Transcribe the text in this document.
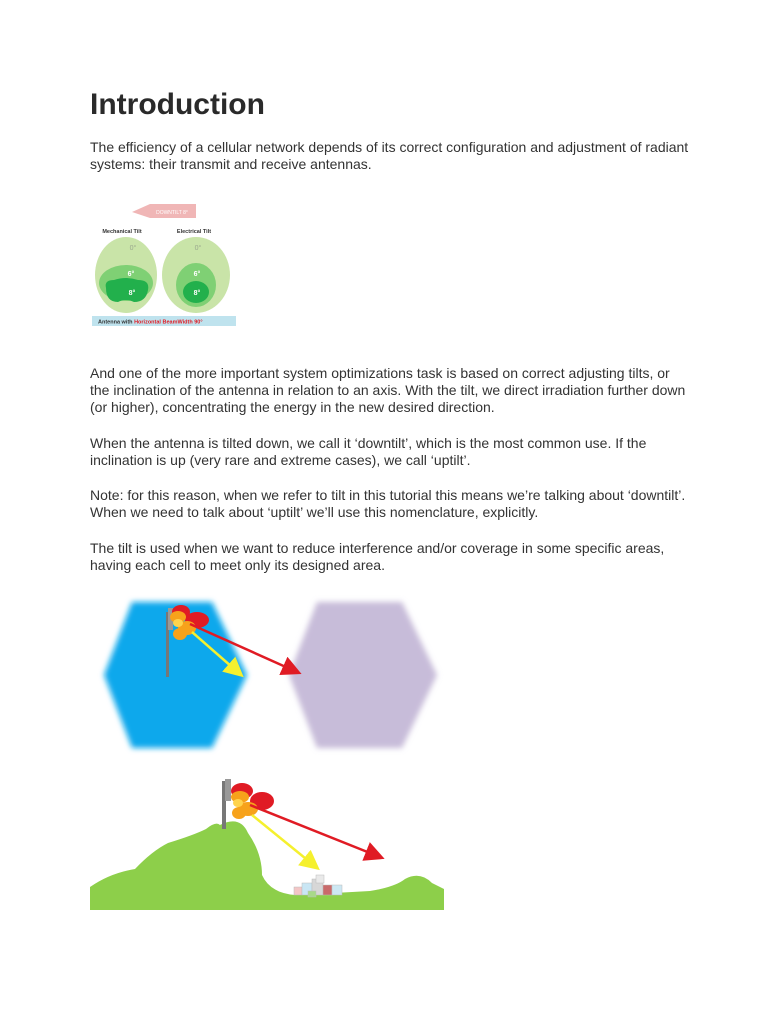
Introduction

The efficiency of a cellular network depends of its correct configuration and adjustment of radiant systems: their transmit and receive antennas.

DOWNTILT 8°
Mechanical Tilt	Electrical Tilt
0°
6°
8°
0°
6°
8°
Antenna with Horizontal BeamWidth 90°

And one of the more important system optimizations task is based on correct adjusting tilts, or the inclination of the antenna in relation to an axis. With the tilt, we direct irradiation further down (or higher), concentrating the energy in the new desired direction.

When the antenna is tilted down, we call it ‘downtilt’, which is the most common use. If the inclination is up (very rare and extreme cases), we call ‘uptilt’.

Note: for this reason, when we refer to tilt in this tutorial this means we’re talking about ‘downtilt’. When we need to talk about ‘uptilt’ we’ll use this nomenclature, explicitly.

The tilt is used when we want to reduce interference and/or coverage in some specific areas, having each cell to meet only its designed area.
